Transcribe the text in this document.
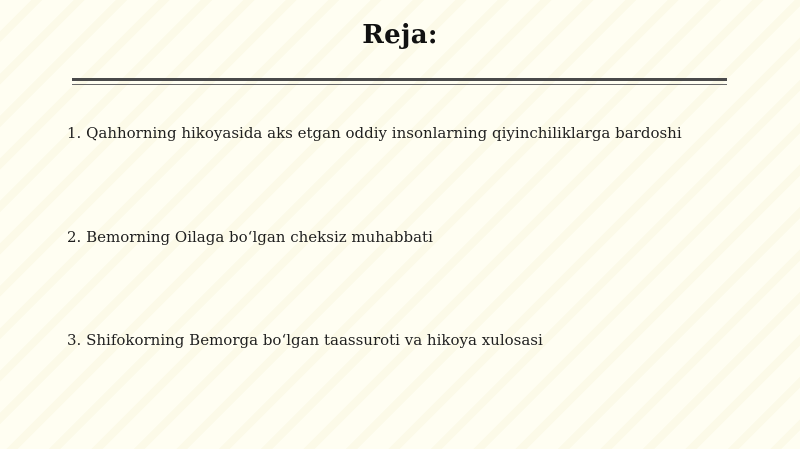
Reja:
1. Qahhorning hikoyasida aks etgan oddiy insonlarning qiyinchiliklarga bardoshi
2. Bemorning Oilaga bo‘lgan cheksiz muhabbati
3. Shifokorning Bemorga bo‘lgan taassuroti va hikoya xulosasi
